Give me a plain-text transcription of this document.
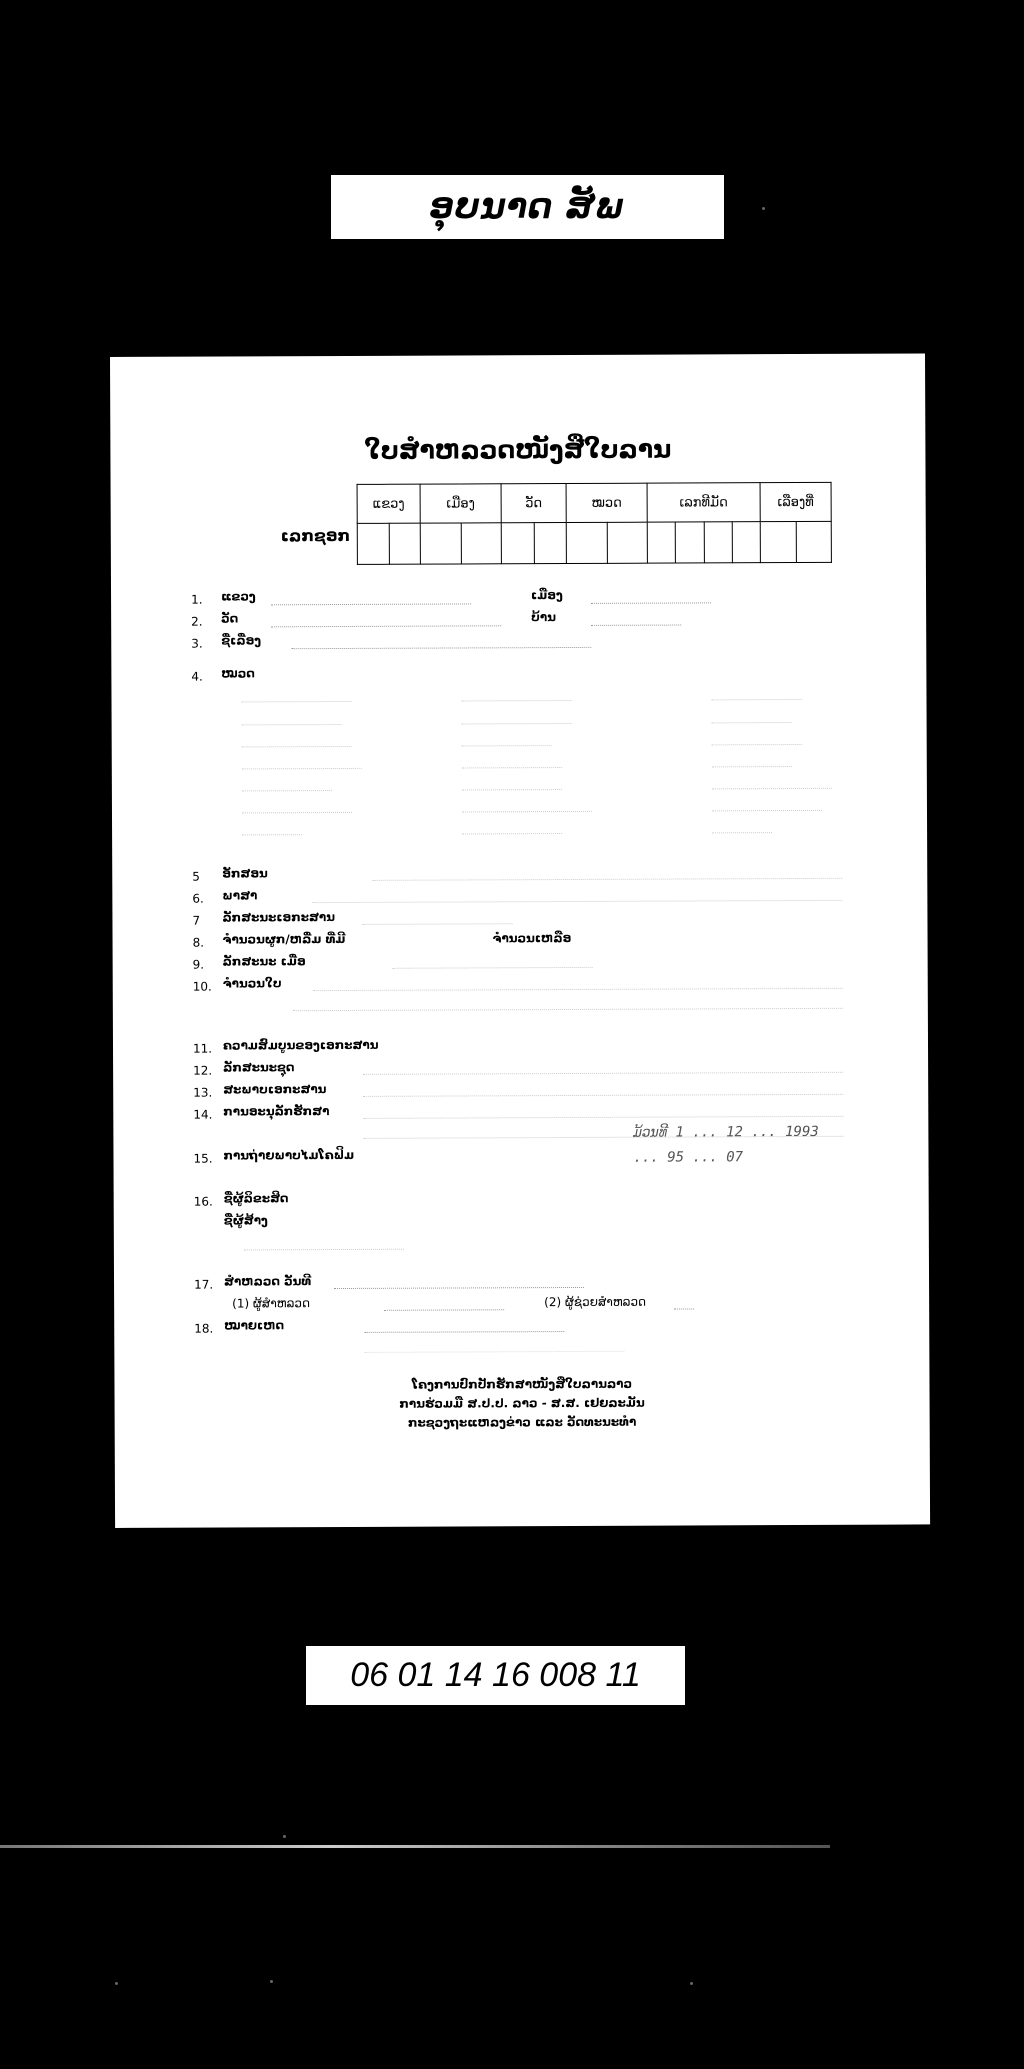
ອຸບນາດ ສັພ
ໃບສຳຫລວດໜັງສືໃບລານ
ເລກຊອກ
ແຂວງ		ເມືອງ		ວັດ		ໝວດ		ເລກທີມັດ				ເລືອງທີ່	

1. ແຂວງ	ເມືອງ
2. ວັດ	ບ້ານ
3. ຊື່ເລື່ອງ
4. ໝວດ
5 ອັກສອນ
6. ພາສາ
7 ລັກສະນະເອກະສານ
8. ຈຳນວນຜູກ/ຫລື່ມ ທີ່ມີ	ຈຳນວນເຫລືອ
9. ລັກສະນະ ເມື່ອ
10. ຈຳນວນໃບ
11. ຄວາມສົມບູນຂອງເອກະສານ
12. ລັກສະນະຊຸດ
13. ສະພາບເອກະສານ
14. ການອະນຸລັກຮັກສາ
15. ການຖ່າຍພາບໄມໂຄຟິມ
ມ້ວນທີ 1 ... 12 ... 1993
... 95 ... 07
16. ຊື່ຜູ້ລິຂະສິດ
ຊື່ຜູ້ສ້າງ
17. ສຳຫລວດ ວັນທີ
(1) ຜູ້ສຳຫລວດ	(2) ຜູ້ຊ່ວຍສຳຫລວດ
18. ໝາຍເຫດ
ໂຄງການປົກປັກຮັກສາໜັງສືໃບລານລາວ
ການຮ່ວມມື ສ.ປ.ປ. ລາວ - ສ.ສ. ເຢຍລະມັນ
ກະຊວງຖະແຫລງຂ່າວ ແລະ ວັດທະນະທຳ
06 01 14 16 008 11
